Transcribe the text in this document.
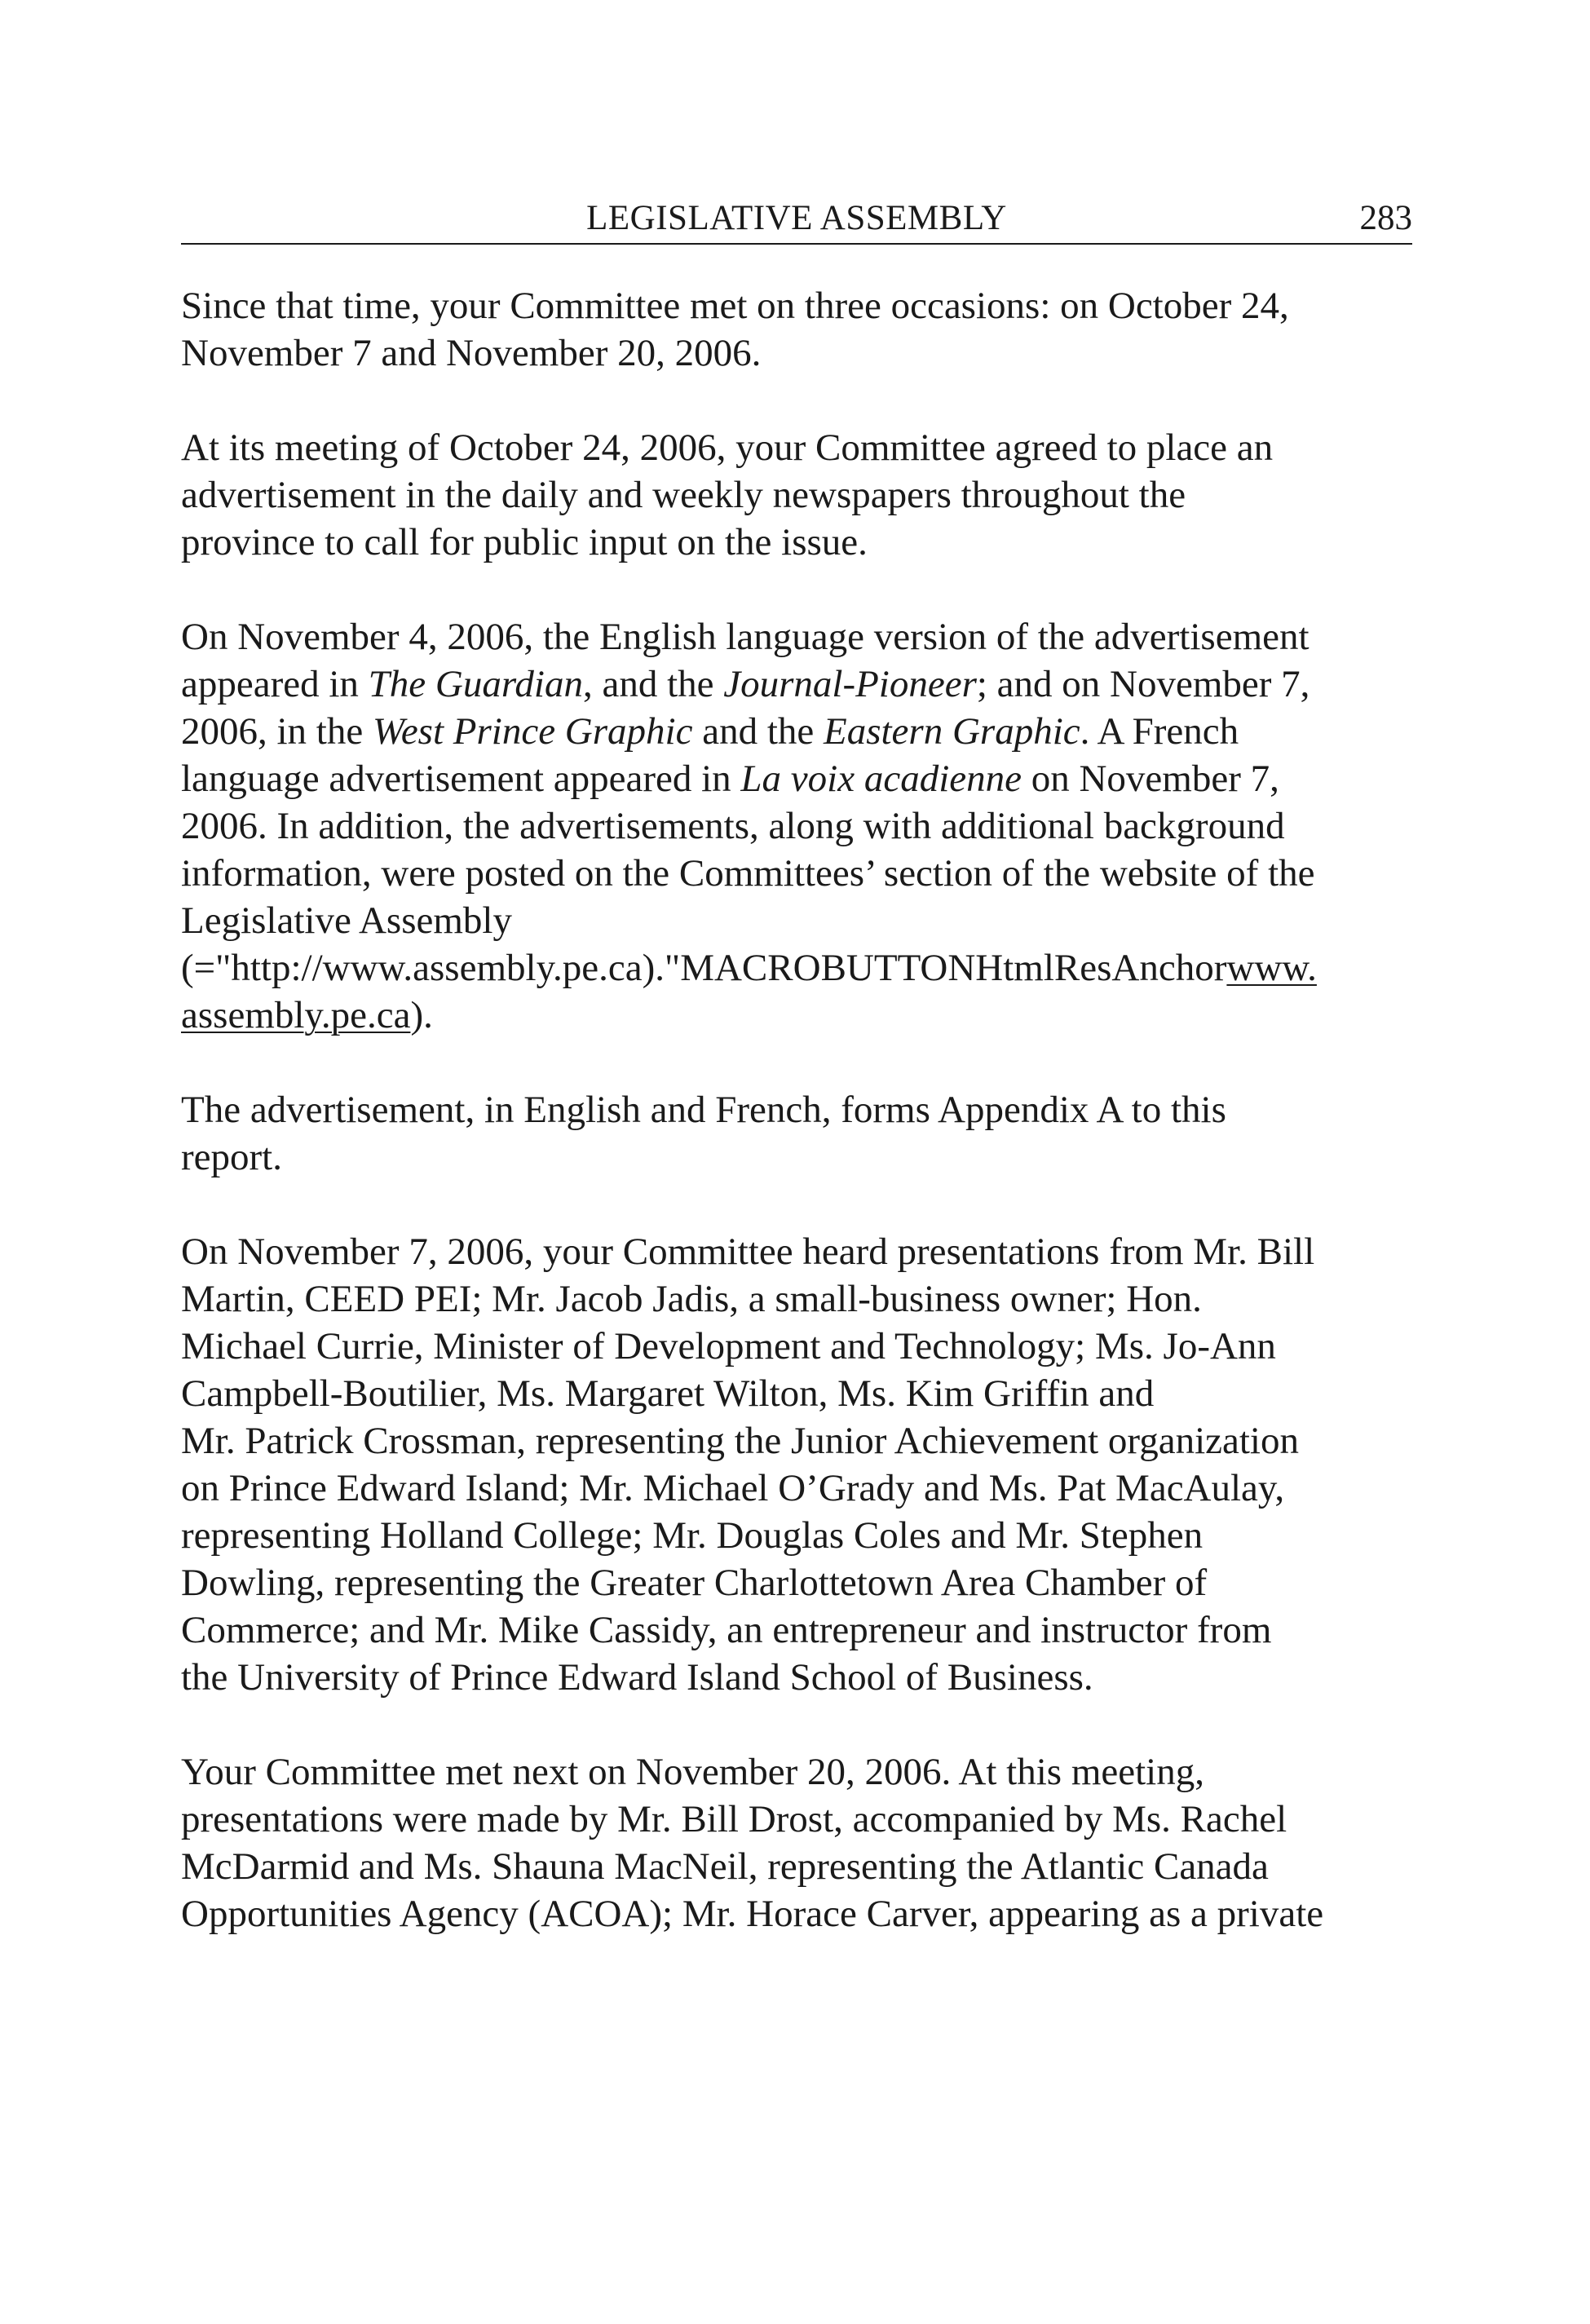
LEGISLATIVE ASSEMBLY	283

Since that time, your Committee met on three occasions: on October 24,
November 7 and November 20, 2006.

At its meeting of October 24, 2006, your Committee agreed to place an
advertisement in the daily and weekly newspapers throughout the
province to call for public input on the issue.

On November 4, 2006, the English language version of the advertisement
appeared in The Guardian, and the Journal-Pioneer; and on November 7,
2006, in the West Prince Graphic and the Eastern Graphic. A French
language advertisement appeared in La voix acadienne on November 7,
2006. In addition, the advertisements, along with additional background
information, were posted on the Committees’ section of the website of the
Legislative Assembly
(="http://www.assembly.pe.ca)."MACROBUTTONHtmlResAnchorwww.
assembly.pe.ca).

The advertisement, in English and French, forms Appendix A to this
report.

On November 7, 2006, your Committee heard presentations from Mr. Bill
Martin, CEED PEI; Mr. Jacob Jadis, a small-business owner; Hon.
Michael Currie, Minister of Development and Technology; Ms. Jo-Ann
Campbell-Boutilier, Ms. Margaret Wilton, Ms. Kim Griffin and
Mr. Patrick Crossman, representing the Junior Achievement organization
on Prince Edward Island; Mr. Michael O’Grady and Ms. Pat MacAulay,
representing Holland College; Mr. Douglas Coles and Mr. Stephen
Dowling, representing the Greater Charlottetown Area Chamber of
Commerce; and Mr. Mike Cassidy, an entrepreneur and instructor from
the University of Prince Edward Island School of Business.

Your Committee met next on November 20, 2006. At this meeting,
presentations were made by Mr. Bill Drost, accompanied by Ms. Rachel
McDarmid and Ms. Shauna MacNeil, representing the Atlantic Canada
Opportunities Agency (ACOA); Mr. Horace Carver, appearing as a private
